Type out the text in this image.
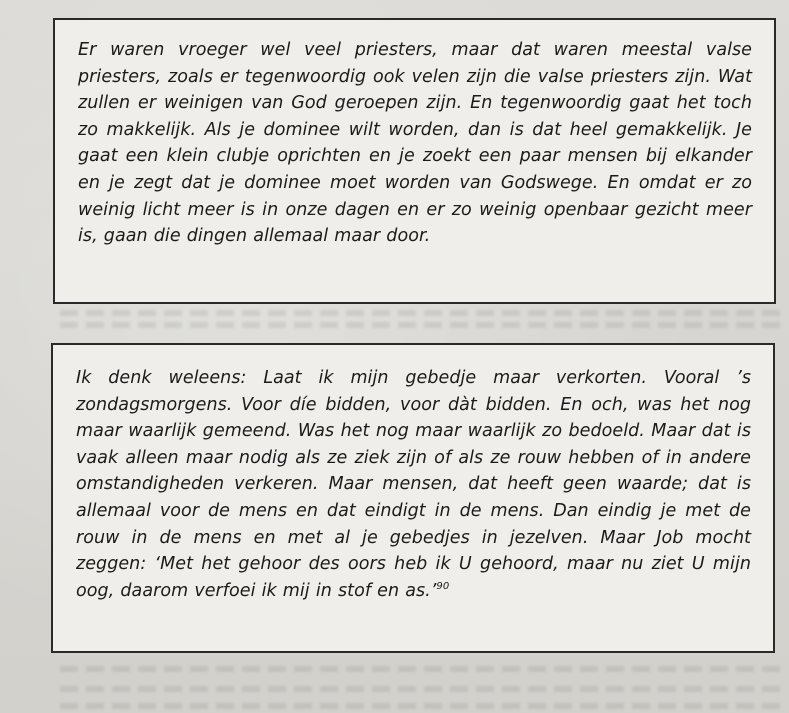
Er waren vroeger wel veel priesters, maar dat waren meestal valse priesters, zoals er tegenwoordig ook velen zijn die valse priesters zijn. Wat zullen er weinigen van God geroepen zijn. En tegenwoordig gaat het toch zo makkelijk. Als je dominee wilt worden, dan is dat heel gemakkelijk. Je gaat een klein clubje oprichten en je zoekt een paar mensen bij elkander en je zegt dat je dominee moet worden van Godswege. En omdat er zo weinig licht meer is in onze dagen en er zo weinig openbaar gezicht meer is, gaan die dingen allemaal maar door.

Ik denk weleens: Laat ik mijn gebedje maar verkorten. Vooral ’s zondagsmorgens. Voor díe bidden, voor dàt bidden. En och, was het nog maar waarlijk gemeend. Was het nog maar waarlijk zo bedoeld. Maar dat is vaak alleen maar nodig als ze ziek zijn of als ze rouw hebben of in andere omstandigheden verkeren. Maar mensen, dat heeft geen waarde; dat is allemaal voor de mens en dat eindigt in de mens. Dan eindig je met de rouw in de mens en met al je gebedjes in jezelven. Maar Job mocht zeggen: ‘Met het gehoor des oors heb ik U gehoord, maar nu ziet U mijn oog, daarom verfoei ik mij in stof en as.’$^{90}$
